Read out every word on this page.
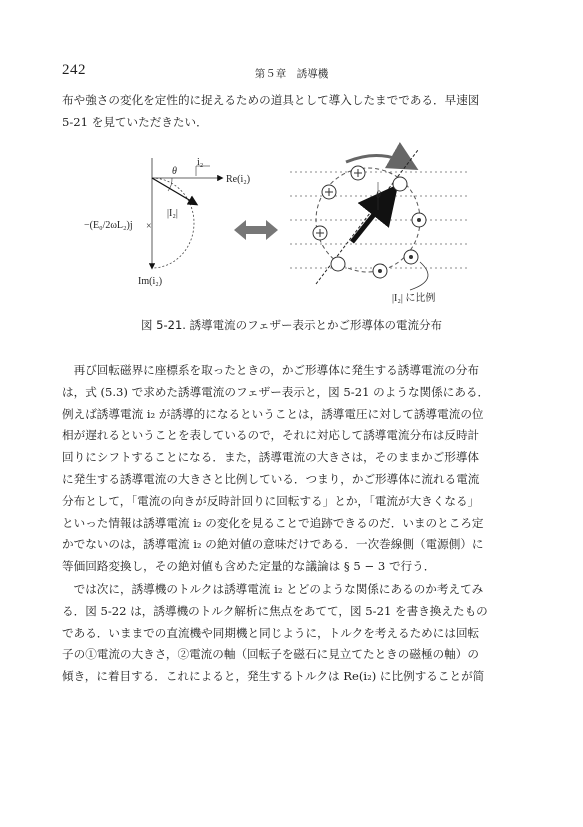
242	第５章　誘導機

布や強さの変化を定性的に捉えるための道具として導入したまでである．早速図

5-21 を見ていただきたい．

i₂
θ
Re(i₂)
|I₂|
−(E₀/2ωL₂)j ×
Im(i₂)
θ
|I₂| に比例
図 5-21. 誘導電流のフェザー表示とかご形導体の電流分布

　再び回転磁界に座標系を取ったときの，かご形導体に発生する誘導電流の分布

は，式 (5.3) で求めた誘導電流のフェザー表示と，図 5-21 のような関係にある．

例えば誘導電流 i₂ が誘導的になるということは，誘導電圧に対して誘導電流の位

相が遅れるということを表しているので，それに対応して誘導電流分布は反時計

回りにシフトすることになる．また，誘導電流の大きさは，そのままかご形導体

に発生する誘導電流の大きさと比例している．つまり，かご形導体に流れる電流

分布として，「電流の向きが反時計回りに回転する」とか，「電流が大きくなる」

といった情報は誘導電流 i₂ の変化を見ることで追跡できるのだ．いまのところ定

かでないのは，誘導電流 i₂ の絶対値の意味だけである．一次巻線側（電源側）に

等価回路変換し，その絶対値も含めた定量的な議論は § 5 − 3 で行う．

　では次に，誘導機のトルクは誘導電流 i₂ とどのような関係にあるのか考えてみ

る．図 5-22 は，誘導機のトルク解析に焦点をあてて，図 5-21 を書き換えたもの

である．いままでの直流機や同期機と同じように，トルクを考えるためには回転

子の①電流の大きさ，②電流の軸（回転子を磁石に見立てたときの磁極の軸）の

傾き，に着目する．これによると，発生するトルクは Re(i₂) に比例することが简
